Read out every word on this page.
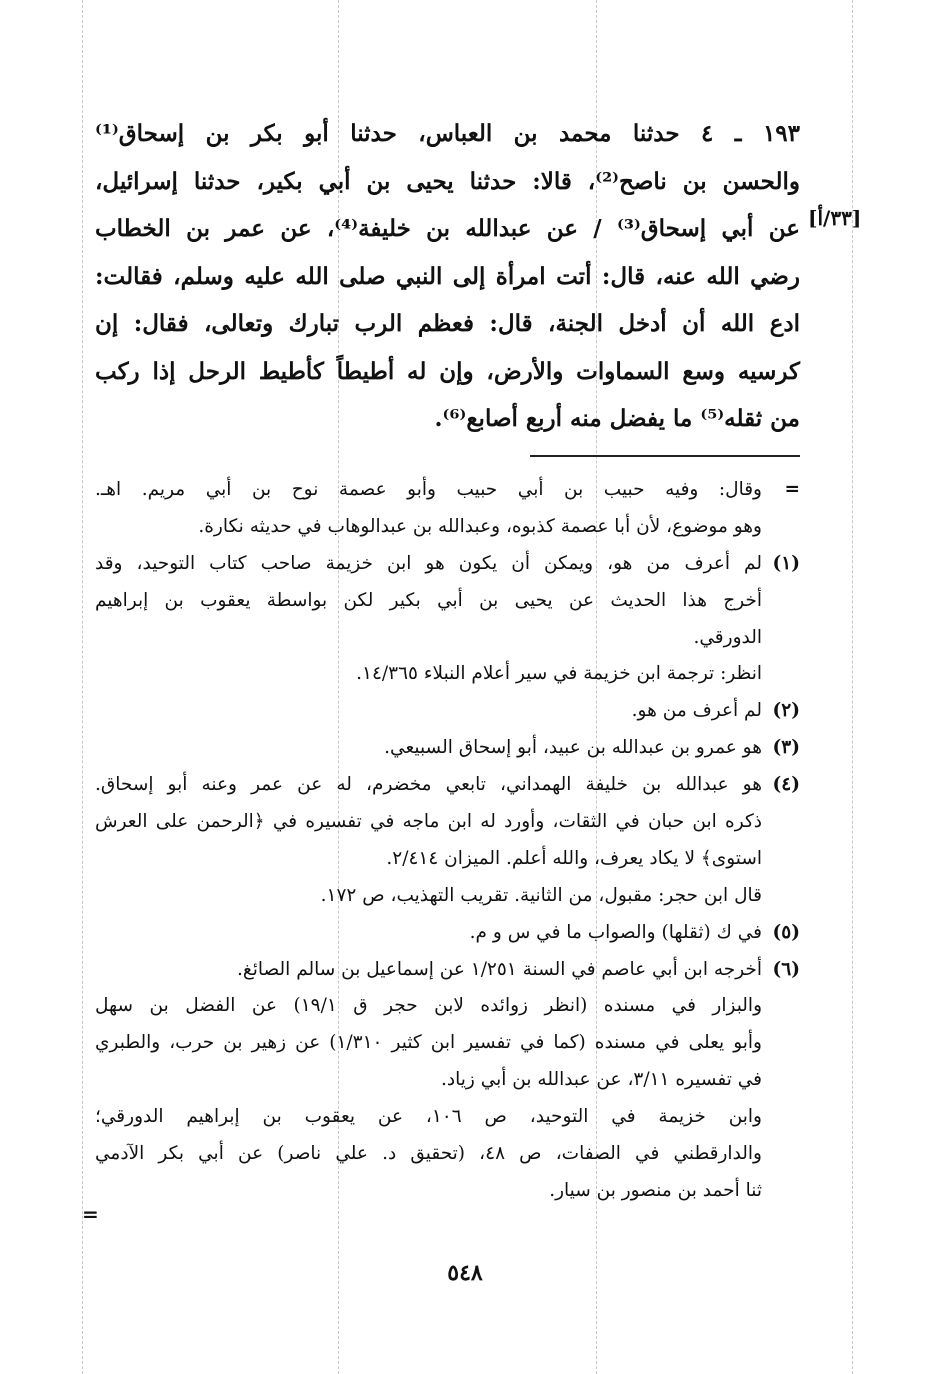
[٣٣/أ]
١٩٣ ـ ٤ حدثنا محمد بن العباس، حدثنا أبو بكر بن إسحاق⁽¹⁾
والحسن بن ناصح⁽²⁾، قالا: حدثنا يحيى بن أبي بكير، حدثنا إسرائيل،
عن أبي إسحاق⁽³⁾ / عن عبدالله بن خليفة⁽⁴⁾، عن عمر بن الخطاب
رضي الله عنه، قال: أتت امرأة إلى النبي صلى الله عليه وسلم، فقالت:
ادع الله أن أدخل الجنة، قال: فعظم الرب تبارك وتعالى، فقال: إن
كرسيه وسع السماوات والأرض، وإن له أطيطاً كأطيط الرحل إذا ركب
من ثقله⁽⁵⁾ ما يفضل منه أربع أصابع⁽⁶⁾.
=
وقال: وفيه حبيب بن أبي حبيب وأبو عصمة نوح بن أبي مريم. اهـ.
وهو موضوع، لأن أبا عصمة كذبوه، وعبدالله بن عبدالوهاب في حديثه نكارة.
(١)
لم أعرف من هو، ويمكن أن يكون هو ابن خزيمة صاحب كتاب التوحيد، وقد
أخرج هذا الحديث عن يحيى بن أبي بكير لكن بواسطة يعقوب بن إبراهيم
الدورقي.
انظر: ترجمة ابن خزيمة في سير أعلام النبلاء ١٤/٣٦٥.
(٢)
لم أعرف من هو.
(٣)
هو عمرو بن عبدالله بن عبيد، أبو إسحاق السبيعي.
(٤)
هو عبدالله بن خليفة الهمداني، تابعي مخضرم، له عن عمر وعنه أبو إسحاق.
ذكره ابن حبان في الثقات، وأورد له ابن ماجه في تفسيره في ﴿الرحمن على العرش
استوى﴾ لا يكاد يعرف، والله أعلم. الميزان ٢/٤١٤.
قال ابن حجر: مقبول، من الثانية. تقريب التهذيب، ص ١٧٢.
(٥)
في ك (ثقلها) والصواب ما في س و م.
(٦)
أخرجه ابن أبي عاصم في السنة ١/٢٥١ عن إسماعيل بن سالم الصائغ.
والبزار في مسنده (انظر زوائده لابن حجر ق ١٩/١) عن الفضل بن سهل
وأبو يعلى في مسنده (كما في تفسير ابن كثير ١/٣١٠) عن زهير بن حرب، والطبري
في تفسيره ٣/١١، عن عبدالله بن أبي زياد.
وابن خزيمة في التوحيد، ص ١٠٦، عن يعقوب بن إبراهيم الدورقي؛
والدارقطني في الصفات، ص ٤٨، (تحقيق د. علي ناصر) عن أبي بكر الآدمي
ثنا أحمد بن منصور بن سيار.
=
٥٤٨
